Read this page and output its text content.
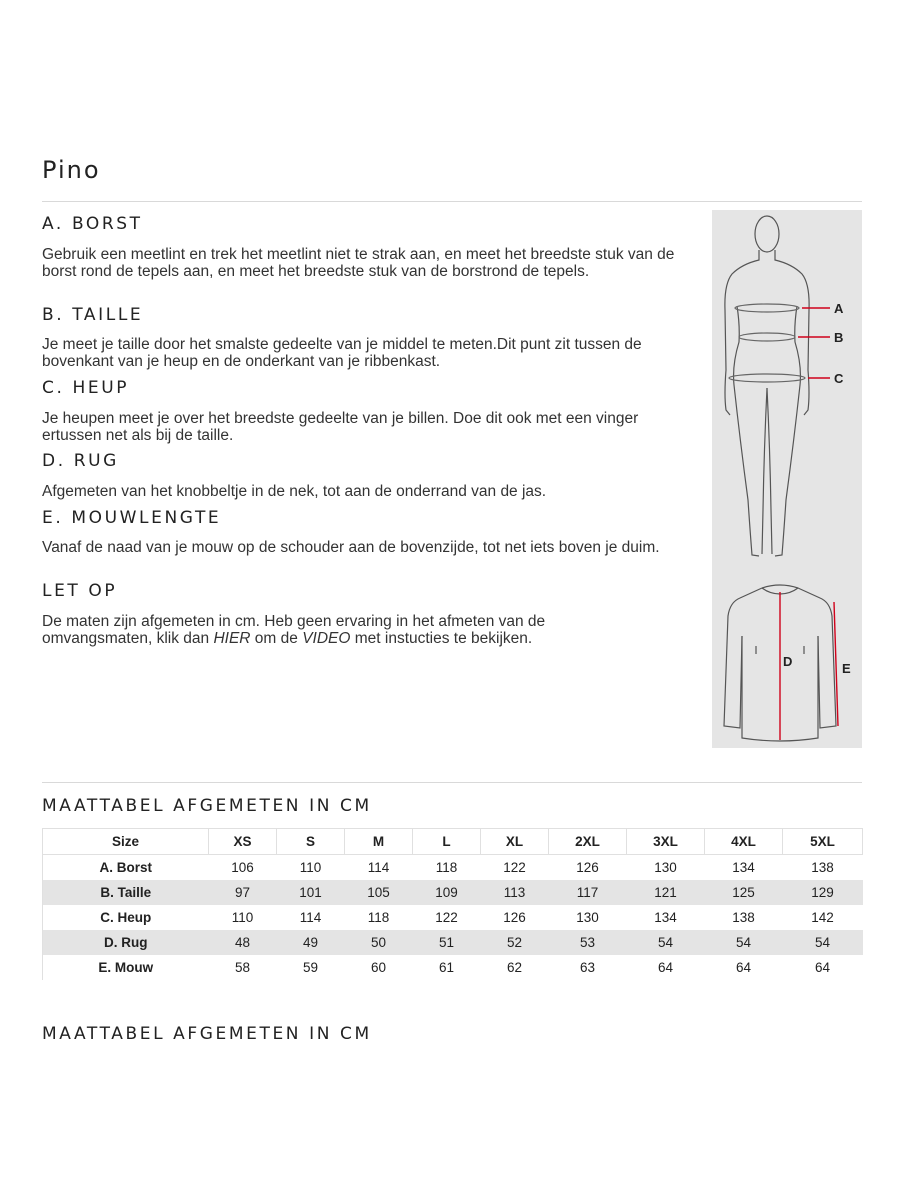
Pino
A. BORST

Gebruik een meetlint en trek het meetlint niet te strak aan, en meet het breedste stuk van de borst rond de tepels aan, en meet het breedste stuk van de borstrond de tepels.

B. TAILLE

Je meet je taille door het smalste gedeelte van je middel te meten.Dit punt zit tussen de bovenkant van je heup en de onderkant van je ribbenkast.

C. HEUP

Je heupen meet je over het breedste gedeelte van je billen. Doe dit ook met een vinger ertussen net als bij de taille.

D. RUG

Afgemeten van het knobbeltje in de nek, tot aan de onderrand van de jas.

E. MOUWLENGTE

Vanaf de naad van je mouw op de schouder aan de bovenzijde, tot net iets boven je duim.

LET OP

De maten zijn afgemeten in cm. Heb geen ervaring in het afmeten van de omvangsmaten, klik dan HIER om de VIDEO met instucties te bekijken.

A
B
C
D	E
MAATTABEL AFGEMETEN IN CM
Size	XS	S	M	L	XL	2XL	3XL	4XL	5XL
A. Borst	106	110	114	118	122	126	130	134	138
B. Taille	97	101	105	109	113	117	121	125	129
C. Heup	110	114	118	122	126	130	134	138	142
D. Rug	48	49	50	51	52	53	54	54	54
E. Mouw	58	59	60	61	62	63	64	64	64
MAATTABEL AFGEMETEN IN CM
